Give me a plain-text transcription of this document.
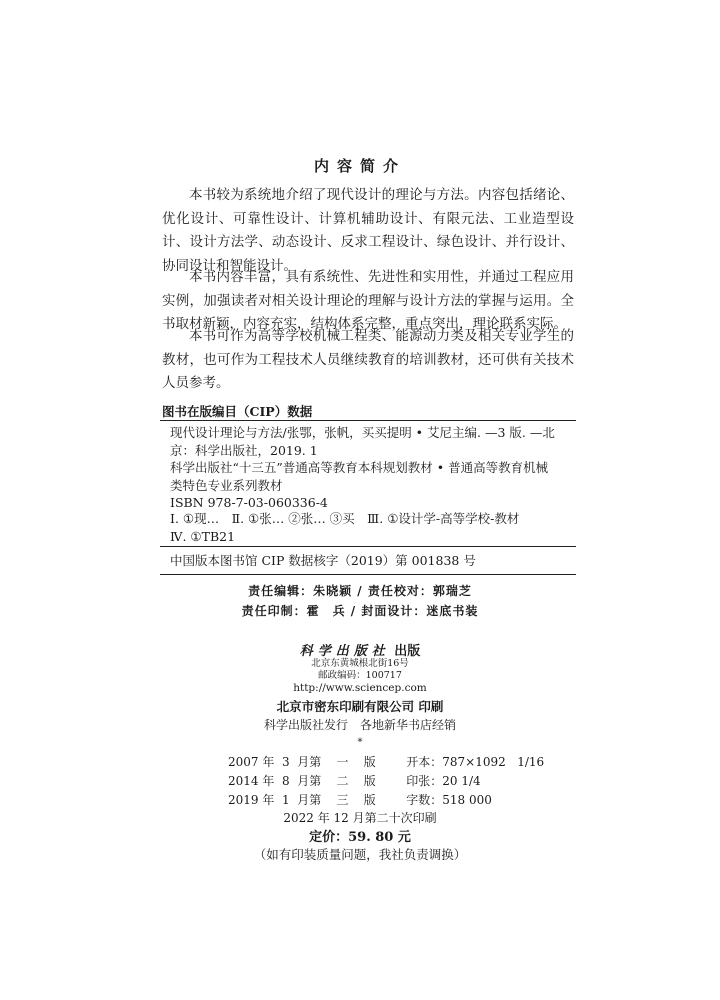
内容简介

本书较为系统地介绍了现代设计的理论与方法。内容包括绪论、优化设计、可靠性设计、计算机辅助设计、有限元法、工业造型设计、设计方法学、动态设计、反求工程设计、绿色设计、并行设计、协同设计和智能设计。

本书内容丰富，具有系统性、先进性和实用性，并通过工程应用实例，加强读者对相关设计理论的理解与设计方法的掌握与运用。全书取材新颖，内容充实，结构体系完整，重点突出，理论联系实际。

本书可作为高等学校机械工程类、能源动力类及相关专业学生的教材，也可作为工程技术人员继续教育的培训教材，还可供有关技术人员参考。

图书在版编目（CIP）数据
现代设计理论与方法/张鄂，张帆，买买提明 • 艾尼主编. —3 版. —北
京：科学出版社，2019. 1
科学出版社“十三五”普通高等教育本科规划教材 • 普通高等教育机械
类特色专业系列教材
ISBN 978-7-03-060336-4
Ⅰ. ①现…　Ⅱ. ①张… ②张… ③买　Ⅲ. ①设计学-高等学校-教材
Ⅳ. ①TB21
中国版本图书馆 CIP 数据核字（2019）第 001838 号
责任编辑：朱晓颖 / 责任校对：郭瑞芝
责任印制：霍　兵 / 封面设计：迷底书装
科学出版社 出版
北京东黄城根北街16号
邮政编码：100717
http://www.sciencep.com
北京市密东印刷有限公司 印刷
科学出版社发行　各地新华书店经销
*
2007 年  3  月第    一    版        开本：787×1092   1/16
2014 年  8  月第    二    版        印张：20 1/4
2019 年  1  月第    三    版        字数：518 000
2022 年 12 月第二十次印刷
定价：59. 80 元
（如有印装质量问题，我社负责调换）
